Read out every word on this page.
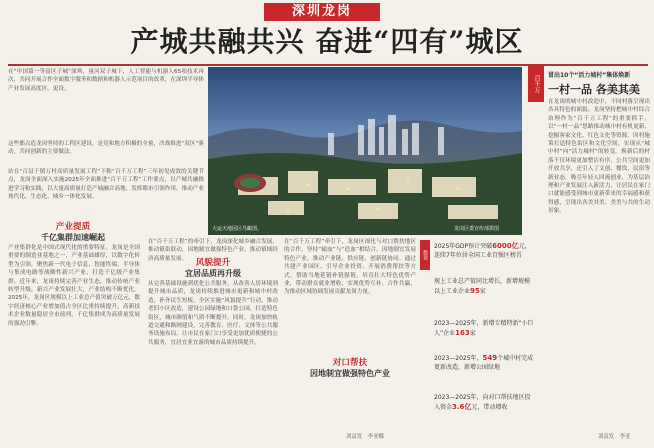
深圳龙岗
产城共融共兴 奋进“四有”城区
在“中国第一等富区子城”深圳，量河双子城下，人工智能与机器人65项技术再次，共同开展合作全面数字服务和数据和机器人示范项目的改革，在深圳半导体产业发展高度区，更设。
这些都点造龙岗坚持的工程区建设，是党和地方积极的全量，决战推进“双区”驱动，共同创新的主要做法。
站在“百县千镇万村高质量发展工程”下称“百千万工程”三年初见成效的关键节点，龙岗全面深入实施2025年全面推进“百千万工程”工作要点，以产城共融推进学习和实践，以大量高质量打造产城融合高地，发挥都市引领作用，推动产业现代化、生态化、城乡一体化发展。
产业提质
千亿集群加速崛起
产业集群化是中国式现代化的重要特征。龙岗是全国重要的制造业基地之一，产业基础雄厚，以数字化转型为引领，聚焦新一代电子信息、智能终端、半导体与集成电路等战略性新兴产业，打造千亿级产业集群。近年来，龙岗持续完善产业生态，推动传统产业转型升级，新兴产业发展壮大，产业结构不断优化。2025年，龙岗区规模以上工业总产值突破万亿元，数字经济核心产业增加值占全区比重持续提升，高新技术企业数量稳居全市前列，千亿集群成为高质量发展的强劲引擎。
大运天地园区鸟瞰图。	龙岗区委宣传部供图
在“百千万工程”的牵引下，龙岗深化城乡融合发展，推动镇街联动，因地制宜做强特色产业，推动镇域经济高质量发展。	风貌提升
宜居品质再升级
从完善基础设施到优化公共服务，从改善人居环境到提升城市品质，龙岗持续推进城市更新和城中村改造，补齐民生短板。全区实施“风貌提升”行动，推动老旧小区改造，建设公园绿地和口袋公园，打造特色街区，城市颜值和气质不断提升。同时，龙岗加快轨道交通和路网建设，完善教育、医疗、文体等公共服务设施布局，让市民在家门口享受更加优质便捷的公共服务，宜居宜业宜游的城市品质持续提升。
在“百千万工程”牵引下，龙岗区深化与对口帮扶地区的合作，坚持“输血”与“造血”相结合，因地制宜发展特色产业，推动产业链、供应链、创新链协同。通过共建产业园区、引导企业投资、开展消费帮扶等方式，帮助当地延链补链强链，培育壮大特色优势产业，带动群众就业增收，实现优势互补、合作共赢，为推动区域协调发展贡献龙岗力量。
对口帮扶
因地制宜做强特色产业
刘益发　李亚娜
数说
2025年GDP预计突破6000亿元，连续7年位居全国工业百强区榜首
规上工业总产值同比增长，新增规模以上工业企业95家
2023—2025年，新增专精特新“小巨人”企业163家
2023—2025年，549个城中村完成更新改造，新增公园绿地
2023—2025年，向对口帮扶地区投入资金3.6亿元，带动增收
百千万	冒出10个“活力城村”集体焕新
一村一品 各美其美
在龙岗的城中村改造中，不同村落呈现出各具特色的面貌。龙岗坚持把城中村综合治理作为“百千万工程”的重要抓手，以“一村一品”思路推动城中村有机更新，挖掘客家文化、红色文化等资源，因村施策打造特色街区和文化空间，实现从“城中村”向“活力城村”的转变。焕新后的村落不仅环境更加整洁有序，公共空间更加开放共享，还引入了文创、餐饮、民宿等新业态，吸引年轻人回流创业，为基层治理和产业发展注入新活力，让居民在家门口就能感受到城市更新带来的幸福感和获得感，呈现出各美其美、美美与共的生动景象。
刘益发　李亚
